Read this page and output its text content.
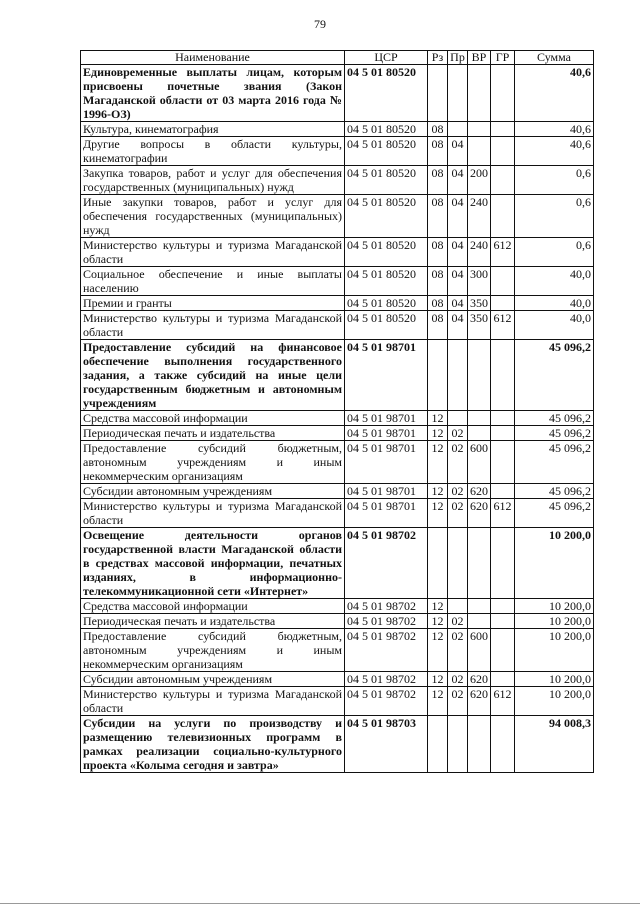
79
Наименование	ЦСР	Рз	Пр	ВР	ГР	Сумма
Единовременные выплаты лицам, которым присвоены почетные звания (Закон Магаданской области от 03 марта 2016 года № 1996-ОЗ)	04 5 01 80520					40,6
Культура, кинематография	04 5 01 80520	08				40,6
Другие вопросы в области культуры, кинематографии	04 5 01 80520	08	04			40,6
Закупка товаров, работ и услуг для обеспечения государственных (муниципальных) нужд	04 5 01 80520	08	04	200		0,6
Иные закупки товаров, работ и услуг для обеспечения государственных (муниципальных) нужд	04 5 01 80520	08	04	240		0,6
Министерство культуры и туризма Магаданской области	04 5 01 80520	08	04	240	612	0,6
Социальное обеспечение и иные выплаты населению	04 5 01 80520	08	04	300		40,0
Премии и гранты	04 5 01 80520	08	04	350		40,0
Министерство культуры и туризма Магаданской области	04 5 01 80520	08	04	350	612	40,0
Предоставление субсидий на финансовое обеспечение выполнения государственного задания, а также субсидий на иные цели государственным бюджетным и автономным учреждениям	04 5 01 98701					45 096,2
Средства массовой информации	04 5 01 98701	12				45 096,2
Периодическая печать и издательства	04 5 01 98701	12	02			45 096,2
Предоставление субсидий бюджетным, автономным учреждениям и иным некоммерческим организациям	04 5 01 98701	12	02	600		45 096,2
Субсидии автономным учреждениям	04 5 01 98701	12	02	620		45 096,2
Министерство культуры и туризма Магаданской области	04 5 01 98701	12	02	620	612	45 096,2
Освещение деятельности органов государственной власти Магаданской области в средствах массовой информации, печатных изданиях, в информационно-телекоммуникационной сети «Интернет»	04 5 01 98702					10 200,0
Средства массовой информации	04 5 01 98702	12				10 200,0
Периодическая печать и издательства	04 5 01 98702	12	02			10 200,0
Предоставление субсидий бюджетным, автономным учреждениям и иным некоммерческим организациям	04 5 01 98702	12	02	600		10 200,0
Субсидии автономным учреждениям	04 5 01 98702	12	02	620		10 200,0
Министерство культуры и туризма Магаданской области	04 5 01 98702	12	02	620	612	10 200,0
Субсидии на услуги по производству и размещению телевизионных программ в рамках реализации социально-культурного проекта «Колыма сегодня и завтра»	04 5 01 98703					94 008,3
